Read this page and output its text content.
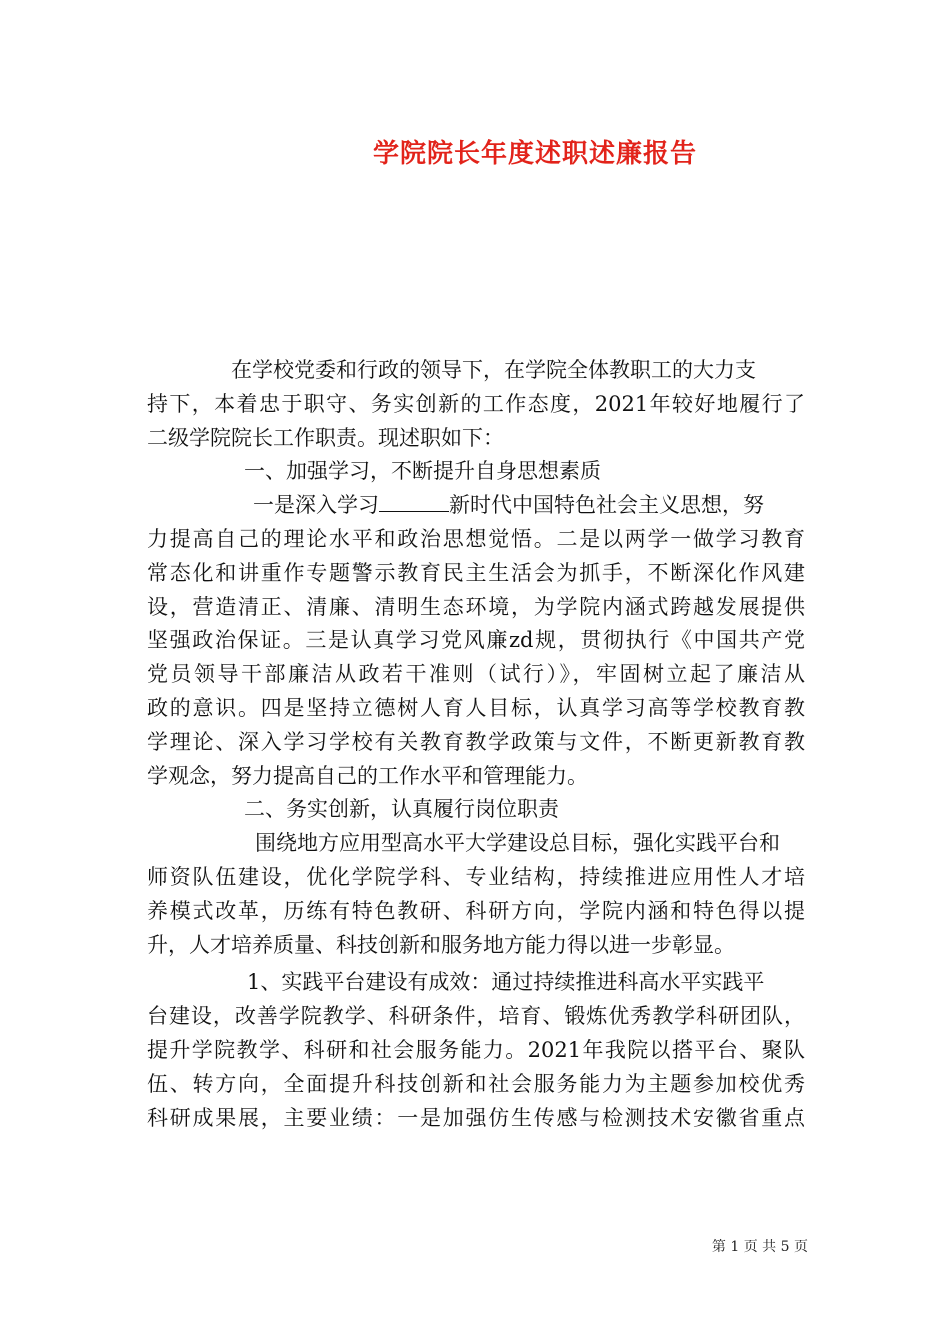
学院院长年度述职述廉报告
在学校党委和行政的领导下，在学院全体教职工的大力支
持下，本着忠于职守、务实创新的工作态度，2021年较好地履行了
二级学院院长工作职责。现述职如下：
一、加强学习，不断提升自身思想素质
一是深入学习	新时代中国特色社会主义思想，努
力提高自己的理论水平和政治思想觉悟。二是以两学一做学习教育
常态化和讲重作专题警示教育民主生活会为抓手，不断深化作风建
设，营造清正、清廉、清明生态环境，为学院内涵式跨越发展提供
坚强政治保证。三是认真学习党风廉zd规，贯彻执行《中国共产党
党员领导干部廉洁从政若干准则（试行）》，牢固树立起了廉洁从
政的意识。四是坚持立德树人育人目标，认真学习高等学校教育教
学理论、深入学习学校有关教育教学政策与文件，不断更新教育教
学观念，努力提高自己的工作水平和管理能力。
二、务实创新，认真履行岗位职责
围绕地方应用型高水平大学建设总目标，强化实践平台和
师资队伍建设，优化学院学科、专业结构，持续推进应用性人才培
养模式改革，历练有特色教研、科研方向，学院内涵和特色得以提
升，人才培养质量、科技创新和服务地方能力得以进一步彰显。
1、实践平台建设有成效：通过持续推进科高水平实践平
台建设，改善学院教学、科研条件，培育、锻炼优秀教学科研团队，
提升学院教学、科研和社会服务能力。2021年我院以搭平台、聚队
伍、转方向，全面提升科技创新和社会服务能力为主题参加校优秀
科研成果展，主要业绩：一是加强仿生传感与检测技术安徽省重点
第 1 页 共 5 页
